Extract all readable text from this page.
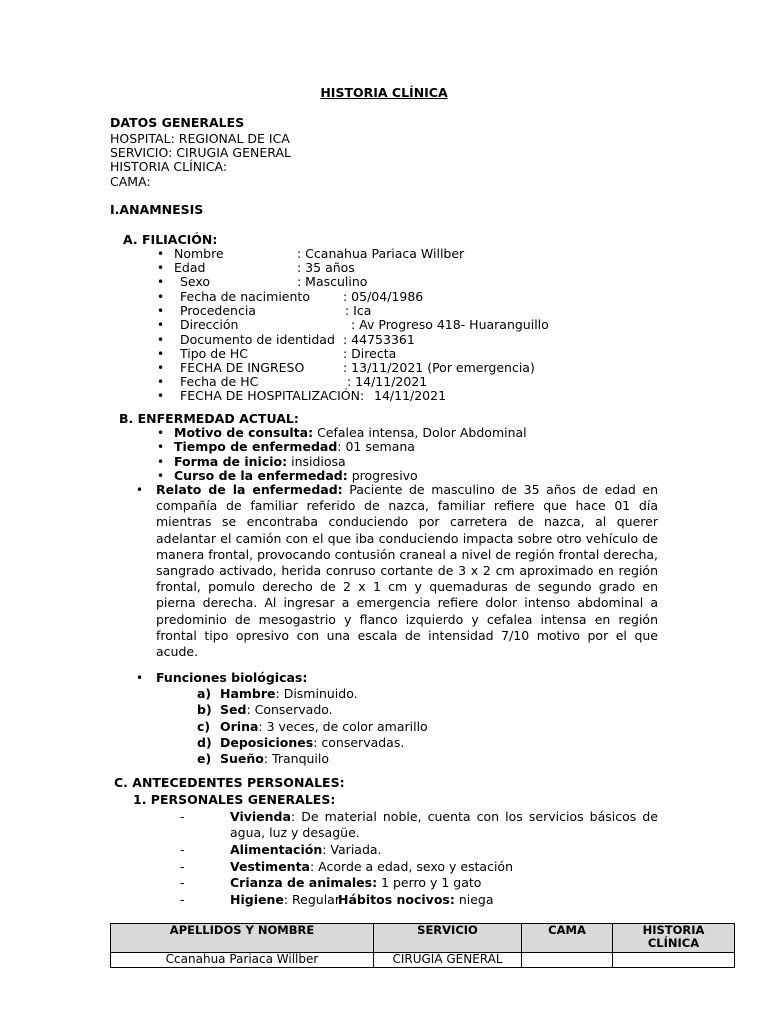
HISTORIA CLÍNICA
DATOS GENERALES
HOSPITAL: REGIONAL DE ICA
SERVICIO: CIRUGIA GENERAL
HISTORIA CLÍNICA:
CAMA:
I.ANAMNESIS
A. FILIACIÓN:
• Nombre	: Ccanahua Pariaca Willber
• Edad	: 35 años
• Sexo	: Masculino
• Fecha de nacimiento	: 05/04/1986
• Procedencia	: Ica
• Dirección	: Av Progreso 418- Huaranguillo
• Documento de identidad : 44753361
• Tipo de HC	: Directa
• FECHA DE INGRESO	: 13/11/2021 (Por emergencia)
• Fecha de HC	: 14/11/2021
• FECHA DE HOSPITALIZACIÓN: 14/11/2021
B. ENFERMEDAD ACTUAL:
• Motivo de consulta: Cefalea intensa, Dolor Abdominal
• Tiempo de enfermedad: 01 semana
• Forma de inicio: insidiosa
• Curso de la enfermedad: progresivo
• Relato de la enfermedad: Paciente de masculino de 35 años de edad en compañía de familiar referido de nazca, familiar refiere que hace 01 día mientras se encontraba conduciendo por carretera de nazca, al querer adelantar el camión con el que iba conduciendo impacta sobre otro vehículo de manera frontal, provocando contusión craneal a nivel de región frontal derecha, sangrado activado, herida conruso cortante de 3 x 2 cm aproximado en región frontal, pomulo derecho de 2 x 1 cm y quemaduras de segundo grado en pierna derecha. Al ingresar a emergencia refiere dolor intenso abdominal a predominio de mesogastrio y flanco izquierdo y cefalea intensa en región frontal tipo opresivo con una escala de intensidad 7/10 motivo por el que acude.
• Funciones biológicas:
a) Hambre: Disminuido.
b) Sed: Conservado.
c) Orina: 3 veces, de color amarillo
d) Deposiciones: conservadas.
e) Sueño: Tranquilo
C. ANTECEDENTES PERSONALES:
1. PERSONALES GENERALES:
-	Vivienda: De material noble, cuenta con los servicios básicos de agua, luz y desagüe.
-	Alimentación: Variada.
-	Vestimenta: Acorde a edad, sexo y estación
-	Crianza de animales: 1 perro y 1 gato
-	Higiene: Regular.
Hábitos nocivos: niega
APELLIDOS Y NOMBRE	SERVICIO	CAMA	HISTORIA CLÍNICA
Ccanahua Pariaca Willber	CIRUGIA GENERAL		
